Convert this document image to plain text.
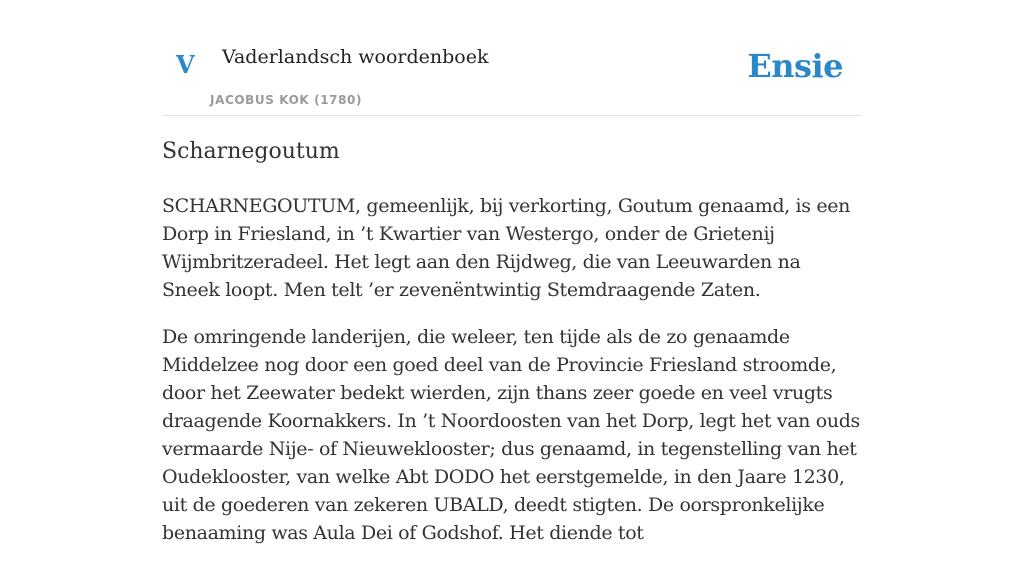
V Vaderlandsch woordenboek
JACOBUS KOK (1780)
Ensie
Scharnegoutum

SCHARNEGOUTUM, gemeenlijk, bij verkorting, Goutum genaamd, is een Dorp in Friesland, in ’t Kwartier van Westergo, onder de Grietenij Wijmbritzeradeel. Het legt aan den Rijdweg, die van Leeuwarden na Sneek loopt. Men telt ’er zevenëntwintig Stemdraagende Zaten.

De omringende landerijen, die weleer, ten tijde als de zo genaamde Middelzee nog door een goed deel van de Provincie Friesland stroomde, door het Zeewater bedekt wierden, zijn thans zeer goede en veel vrugts draagende Koornakkers. In ’t Noordoosten van het Dorp, legt het van ouds vermaarde Nije- of Nieuweklooster; dus genaamd, in tegenstelling van het Oudeklooster, van welke Abt DODO het eerstgemelde, in den Jaare 1230, uit de goederen van zekeren UBALD, deedt stigten. De oorspronkelijke benaaming was Aula Dei of Godshof. Het diende tot
